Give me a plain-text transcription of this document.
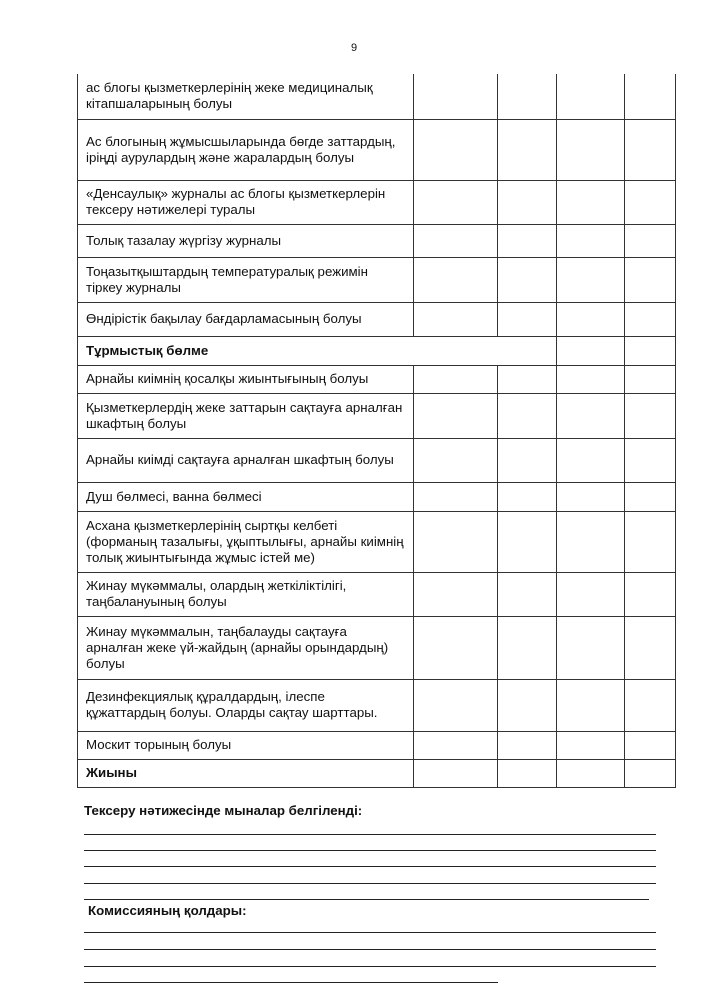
9
ас блогы қызметкерлерінің жеке медициналық кітапшаларының болуы				
Ас блогының жұмысшыларында бөгде заттардың, іріңді аурулардың және жаралардың болуы				
«Денсаулық» журналы ас блогы қызметкерлерін тексеру нәтижелері туралы				
Толық тазалау жүргізу журналы				
Тоңазытқыштардың температуралық режимін тіркеу журналы				
Өндірістік бақылау бағдарламасының болуы				
Тұрмыстық бөлме				
Арнайы киімнің қосалқы жиынтығының болуы				
Қызметкерлердің жеке заттарын сақтауға арналған шкафтың болуы				
Арнайы киімді сақтауға арналған шкафтың болуы				
Душ бөлмесі, ванна бөлмесі				
Асхана қызметкерлерінің сыртқы келбеті (форманың тазалығы, ұқыптылығы, арнайы киімнің толық жиынтығында жұмыс істей ме)				
Жинау мүкәммалы, олардың жеткіліктілігі, таңбалануының болуы				
Жинау мүкәммалын, таңбалауды сақтауға арналған жеке үй-жайдың (арнайы орындардың) болуы				
Дезинфекциялық құралдардың, ілеспе құжаттардың болуы. Оларды сақтау шарттары.				
Москит торының болуы				
Жиыны				
Тексеру нәтижесінде мыналар белгіленді:
Комиссияның қолдары:
